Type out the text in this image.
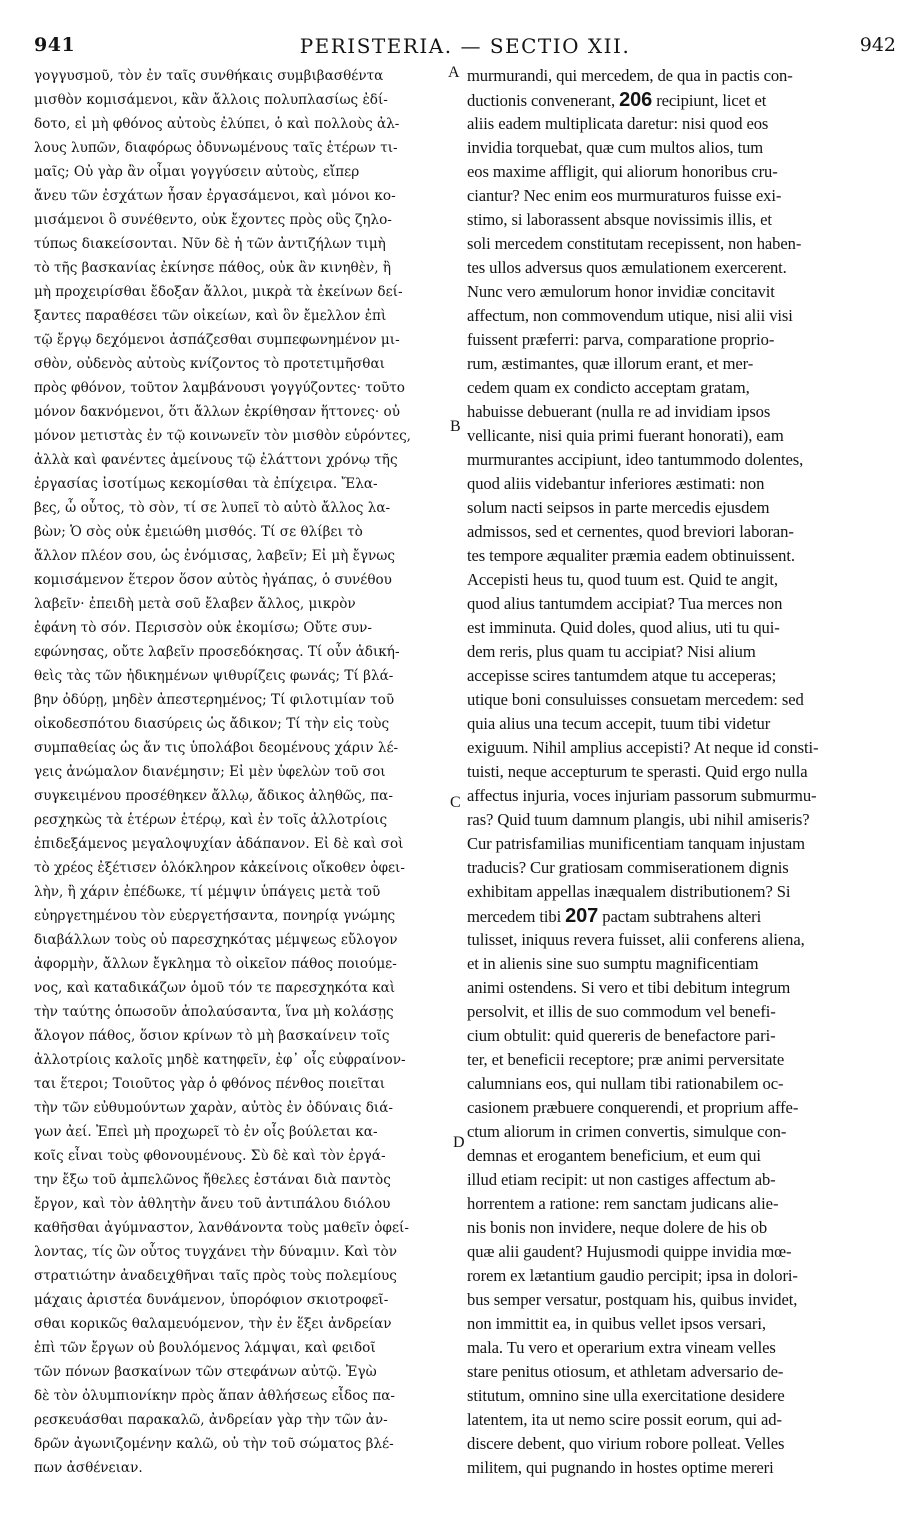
941	PERISTERIA. — SECTIO XII.	942
γογγυσμοῦ, τὸν ἐν ταῖς συνθήκαις συμβιβασθέντα
μισθὸν κομισάμενοι, κἂν ἄλλοις πολυπλασίως ἐδί-
δοτο, εἰ μὴ φθόνος αὐτοὺς ἐλύπει, ὁ καὶ πολλοὺς ἀλ-
λους λυπῶν, διαφόρως ὀδυνωμένους ταῖς ἑτέρων τι-
μαῖς; Οὐ γὰρ ἂν οἶμαι γογγύσειν αὐτοὺς, εἴπερ
ἄνευ τῶν ἐσχάτων ἦσαν ἐργασάμενοι, καὶ μόνοι κο-
μισάμενοι ὃ συνέθεντο, οὐκ ἔχοντες πρὸς οὓς ζηλο-
τύπως διακείσονται. Νῦν δὲ ἡ τῶν ἀντιζήλων τιμὴ
τὸ τῆς βασκανίας ἐκίνησε πάθος, οὐκ ἂν κινηθὲν, ἢ
μὴ προχειρίσθαι ἔδοξαν ἄλλοι, μικρὰ τὰ ἐκείνων δεί-
ξαντες παραθέσει τῶν οἰκείων, καὶ ὃν ἔμελλον ἐπὶ
τῷ ἔργῳ δεχόμενοι ἀσπάζεσθαι συμπεφωνημένον μι-
σθὸν, οὐδενὸς αὐτοὺς κνίζοντος τὸ προτετιμῆσθαι
πρὸς φθόνον, τοῦτον λαμβάνουσι γογγύζοντες· τοῦτο
μόνον δακνόμενοι, ὅτι ἄλλων ἐκρίθησαν ἥττονες· οὐ
μόνον μετιστὰς ἐν τῷ κοινωνεῖν τὸν μισθὸν εὑρόντες,
ἀλλὰ καὶ φανέντες ἀμείνους τῷ ἐλάττονι χρόνῳ τῆς
ἐργασίας ἰσοτίμως κεκομίσθαι τὰ ἐπίχειρα. Ἔλα-
βες, ὦ οὗτος, τὸ σὸν, τί σε λυπεῖ τὸ αὐτὸ ἄλλος λα-
βὼν; Ὁ σὸς οὐκ ἐμειώθη μισθός. Τί σε θλίβει τὸ
ἄλλον πλέον σου, ὡς ἐνόμισας, λαβεῖν; Εἰ μὴ ἔγνως
κομισάμενον ἕτερον ὅσον αὐτὸς ἠγάπας, ὁ συνέθου
λαβεῖν· ἐπειδὴ μετὰ σοῦ ἔλαβεν ἄλλος, μικρὸν
ἐφάνη τὸ σόν. Περισσὸν οὐκ ἐκομίσω; Οὔτε συν-
εφώνησας, οὔτε λαβεῖν προσεδόκησας. Τί οὖν ἀδική-
θεὶς τὰς τῶν ἠδικημένων ψιθυρίζεις φωνάς; Τί βλά-
βην ὀδύρῃ, μηδὲν ἀπεστερημένος; Τί φιλοτιμίαν τοῦ
οἰκοδεσπότου διασύρεις ὡς ἄδικον; Τί τὴν εἰς τοὺς
συμπαθείας ὡς ἄν τις ὑπολάβοι δεομένους χάριν λέ-
γεις ἀνώμαλον διανέμησιν; Εἰ μὲν ὑφελὼν τοῦ σοι
συγκειμένου προσέθηκεν ἄλλῳ, ἄδικος ἀληθῶς, πα-
ρεσχηκὼς τὰ ἑτέρων ἑτέρῳ, καὶ ἐν τοῖς ἀλλοτρίοις
ἐπιδεξάμενος μεγαλοψυχίαν ἀδάπανον. Εἰ δὲ καὶ σοὶ
τὸ χρέος ἐξέτισεν ὁλόκληρον κἀκείνοις οἴκοθεν ὀφει-
λὴν, ἢ χάριν ἐπέδωκε, τί μέμψιν ὑπάγεις μετὰ τοῦ
εὐηργετημένου τὸν εὐεργετήσαντα, πονηρίᾳ γνώμης
διαβάλλων τοὺς οὐ παρεσχηκότας μέμψεως εὔλογον
ἀφορμὴν, ἄλλων ἔγκλημα τὸ οἰκεῖον πάθος ποιούμε-
νος, καὶ καταδικάζων ὁμοῦ τόν τε παρεσχηκότα καὶ
τὴν ταύτης ὁπωσοῦν ἀπολαύσαντα, ἵνα μὴ κολάσῃς
ἄλογον πάθος, ὅσιον κρίνων τὸ μὴ βασκαίνειν τοῖς
ἀλλοτρίοις καλοῖς μηδὲ κατηφεῖν, ἐφ᾽ οἷς εὐφραίνον-
ται ἕτεροι; Τοιοῦτος γὰρ ὁ φθόνος πένθος ποιεῖται
τὴν τῶν εὐθυμούντων χαρὰν, αὐτὸς ἐν ὀδύναις διά-
γων ἀεί. Ἐπεὶ μὴ προχωρεῖ τὸ ἐν οἷς βούλεται κα-
κοῖς εἶναι τοὺς φθονουμένους. Σὺ δὲ καὶ τὸν ἐργά-
την ἔξω τοῦ ἀμπελῶνος ἤθελες ἑστάναι διὰ παντὸς
ἔργον, καὶ τὸν ἀθλητὴν ἄνευ τοῦ ἀντιπάλου διόλου
καθῆσθαι ἀγύμναστον, λανθάνοντα τοὺς μαθεῖν ὀφεί-
λοντας, τίς ὢν οὗτος τυγχάνει τὴν δύναμιν. Καὶ τὸν
στρατιώτην ἀναδειχθῆναι ταῖς πρὸς τοὺς πολεμίους
μάχαις ἀριστέα δυνάμενον, ὑπορόφιον σκιοτροφεῖ-
σθαι κορικῶς θαλαμευόμενον, τὴν ἐν ἕξει ἀνδρείαν
ἐπὶ τῶν ἔργων οὐ βουλόμενος λάμψαι, καὶ φειδοῖ
τῶν πόνων βασκαίνων τῶν στεφάνων αὐτῷ. Ἐγὼ
δὲ τὸν ὀλυμπιονίκην πρὸς ἅπαν ἀθλήσεως εἶδος πα-
ρεσκευάσθαι παρακαλῶ, ἀνδρείαν γὰρ τὴν τῶν ἀν-
δρῶν ἀγωνιζομένην καλῶ, οὐ τὴν τοῦ σώματος βλέ-
πων ἀσθένειαν.
A
B
C
D
murmurandi, qui mercedem, de qua in pactis con-
ductionis convenerant, 206 recipiunt, licet et
aliis eadem multiplicata daretur: nisi quod eos
invidia torquebat, quæ cum multos alios, tum
eos maxime affligit, qui aliorum honoribus cru-
ciantur? Nec enim eos murmuraturos fuisse exi-
stimo, si laborassent absque novissimis illis, et
soli mercedem constitutam recepissent, non haben-
tes ullos adversus quos æmulationem exercerent.
Nunc vero æmulorum honor invidiæ concitavit
affectum, non commovendum utique, nisi alii visi
fuissent præferri: parva, comparatione proprio-
rum, æstimantes, quæ illorum erant, et mer-
cedem quam ex condicto acceptam gratam,
habuisse debuerant (nulla re ad invidiam ipsos
vellicante, nisi quia primi fuerant honorati), eam
murmurantes accipiunt, ideo tantummodo dolentes,
quod aliis videbantur inferiores æstimati: non
solum nacti seipsos in parte mercedis ejusdem
admissos, sed et cernentes, quod breviori laboran-
tes tempore æqualiter præmia eadem obtinuissent.
Accepisti heus tu, quod tuum est. Quid te angit,
quod alius tantumdem accipiat? Tua merces non
est imminuta. Quid doles, quod alius, uti tu qui-
dem reris, plus quam tu accipiat? Nisi alium
accepisse scires tantumdem atque tu acceperas;
utique boni consuluisses consuetam mercedem: sed
quia alius una tecum accepit, tuum tibi videtur
exiguum. Nihil amplius accepisti? At neque id consti-
tuisti, neque accepturum te sperasti. Quid ergo nulla
affectus injuria, voces injuriam passorum submurmu-
ras? Quid tuum damnum plangis, ubi nihil amiseris?
Cur patrisfamilias munificentiam tanquam injustam
traducis? Cur gratiosam commiserationem dignis
exhibitam appellas inæqualem distributionem? Si
mercedem tibi 207 pactam subtrahens alteri
tulisset, iniquus revera fuisset, alii conferens aliena,
et in alienis sine suo sumptu magnificentiam
animi ostendens. Si vero et tibi debitum integrum
persolvit, et illis de suo commodum vel benefi-
cium obtulit: quid quereris de benefactore pari-
ter, et beneficii receptore; præ animi perversitate
calumnians eos, qui nullam tibi rationabilem oc-
casionem præbuere conquerendi, et proprium affe-
ctum aliorum in crimen convertis, simulque con-
demnas et erogantem beneficium, et eum qui
illud etiam recipit: ut non castiges affectum ab-
horrentem a ratione: rem sanctam judicans alie-
nis bonis non invidere, neque dolere de his ob
quæ alii gaudent? Hujusmodi quippe invidia mœ-
rorem ex lætantium gaudio percipit; ipsa in dolori-
bus semper versatur, postquam his, quibus invidet,
non immittit ea, in quibus vellet ipsos versari,
mala. Tu vero et operarium extra vineam velles
stare penitus otiosum, et athletam adversario de-
stitutum, omnino sine ulla exercitatione desidere
latentem, ita ut nemo scire possit eorum, qui ad-
discere debent, quo virium robore polleat. Velles
militem, qui pugnando in hostes optime mereri
